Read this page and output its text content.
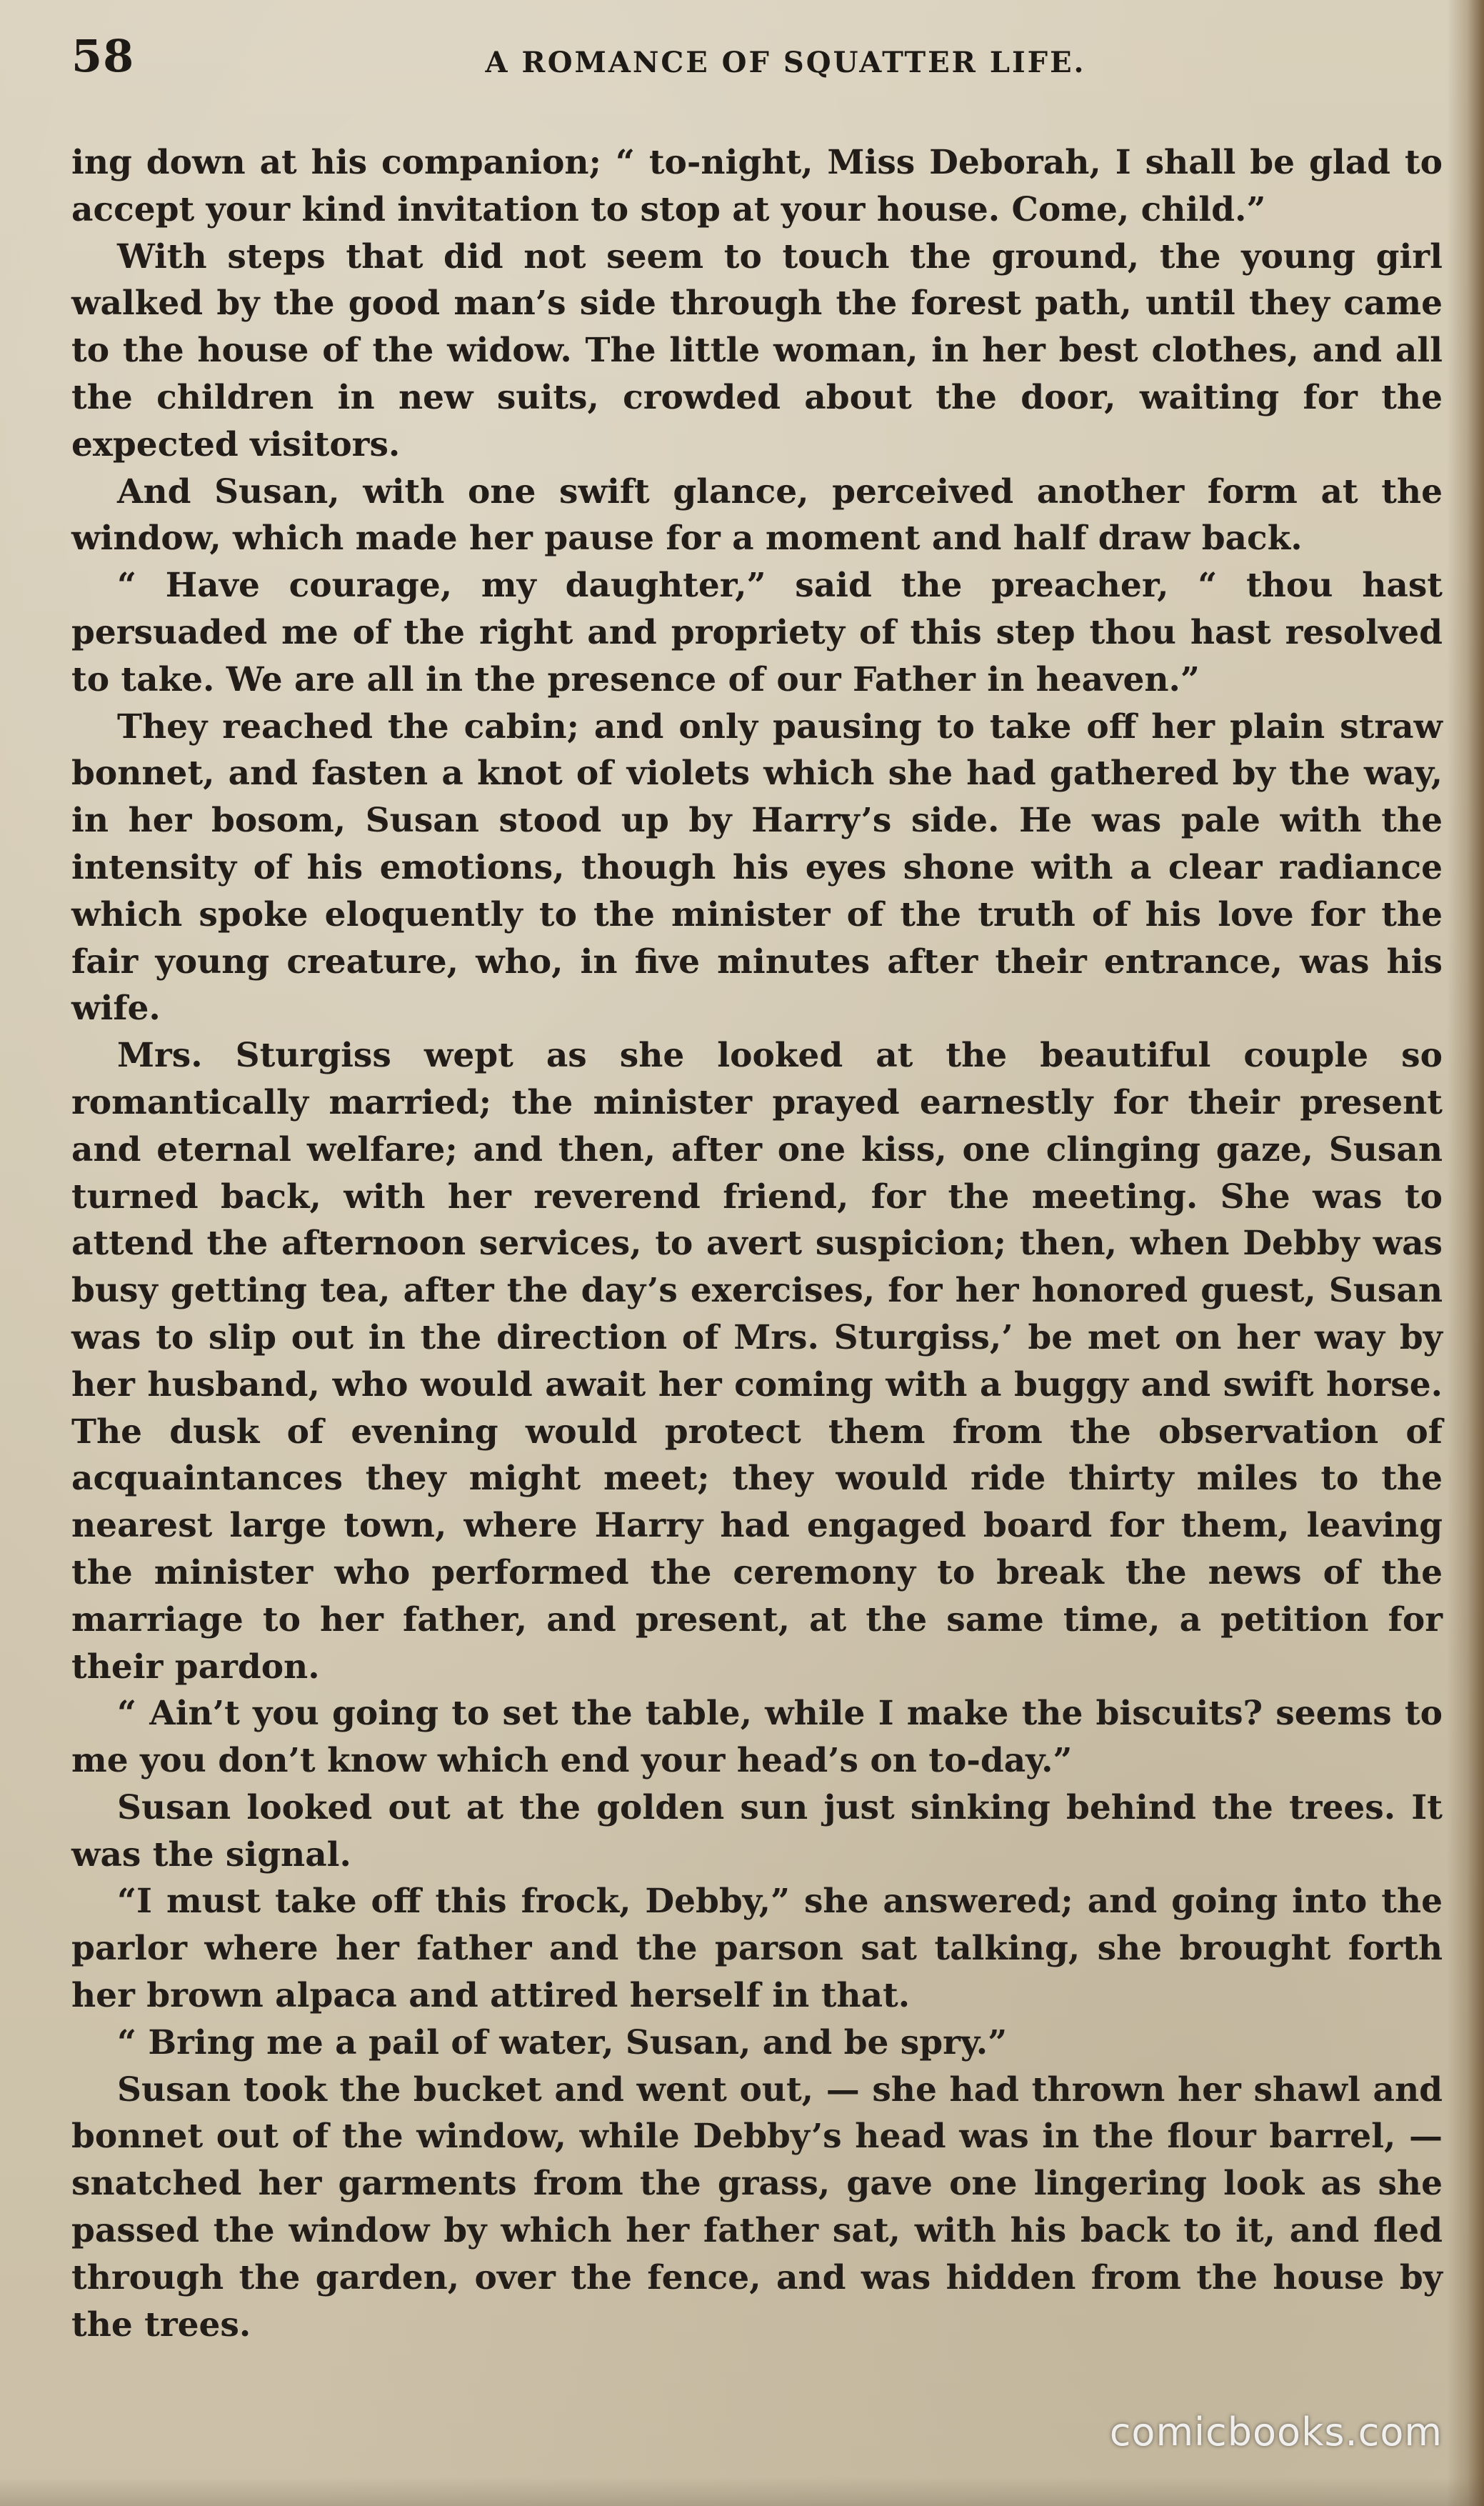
58	A ROMANCE OF SQUATTER LIFE.

ing down at his companion; “ to-night, Miss Deborah, I shall be glad to accept your kind invitation to stop at your house. Come, child.”

With steps that did not seem to touch the ground, the young girl walked by the good man’s side through the forest path, until they came to the house of the widow. The little woman, in her best clothes, and all the children in new suits, crowded about the door, waiting for the expected visitors.

And Susan, with one swift glance, perceived another form at the window, which made her pause for a moment and half draw back.

“ Have courage, my daughter,” said the preacher, “ thou hast persuaded me of the right and propriety of this step thou hast resolved to take. We are all in the presence of our Father in heaven.”

They reached the cabin; and only pausing to take off her plain straw bonnet, and fasten a knot of violets which she had gathered by the way, in her bosom, Susan stood up by Harry’s side. He was pale with the intensity of his emotions, though his eyes shone with a clear radiance which spoke eloquently to the minister of the truth of his love for the fair young creature, who, in five minutes after their entrance, was his wife.

Mrs. Sturgiss wept as she looked at the beautiful couple so romantically married; the minister prayed earnestly for their present and eternal welfare; and then, after one kiss, one clinging gaze, Susan turned back, with her reverend friend, for the meeting. She was to attend the afternoon services, to avert suspicion; then, when Debby was busy getting tea, after the day’s exercises, for her honored guest, Susan was to slip out in the direction of Mrs. Sturgiss,’ be met on her way by her husband, who would await her coming with a buggy and swift horse. The dusk of evening would protect them from the observation of acquaintances they might meet; they would ride thirty miles to the nearest large town, where Harry had engaged board for them, leaving the minister who performed the ceremony to break the news of the marriage to her father, and present, at the same time, a petition for their pardon.

“ Ain’t you going to set the table, while I make the biscuits? seems to me you don’t know which end your head’s on to-day.”

Susan looked out at the golden sun just sinking behind the trees. It was the signal.

“I must take off this frock, Debby,” she answered; and going into the parlor where her father and the parson sat talking, she brought forth her brown alpaca and attired herself in that.

“ Bring me a pail of water, Susan, and be spry.”

Susan took the bucket and went out, — she had thrown her shawl and bonnet out of the window, while Debby’s head was in the flour barrel, — snatched her garments from the grass, gave one lingering look as she passed the window by which her father sat, with his back to it, and fled through the garden, over the fence, and was hidden from the house by the trees.

comicbooks.com
